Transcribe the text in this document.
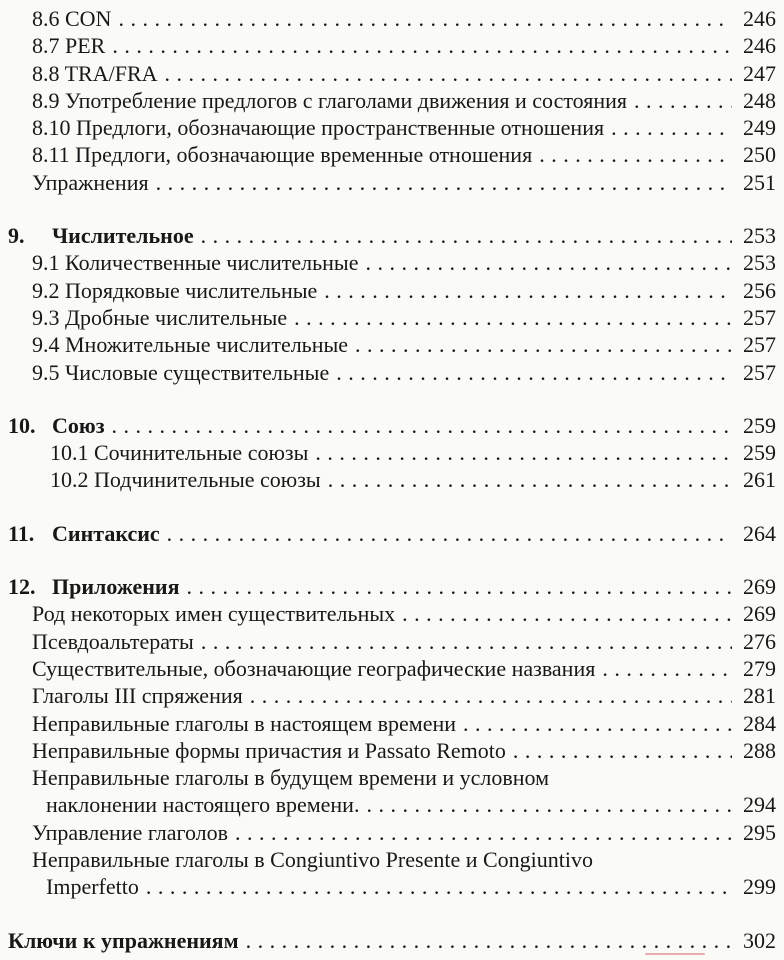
8.6 CON .....	246
8.7 PER .....	246
8.8 TRA/FRA .....	247
8.9 Употребление предлогов с глаголами движения и состояния .....	248
8.10 Предлоги, обозначающие пространственные отношения .....	249
8.11 Предлоги, обозначающие временные отношения .....	250
Упражнения .....	251
9.	Числительное .....	253
9.1 Количественные числительные .....	253
9.2 Порядковые числительные .....	256
9.3 Дробные числительные .....	257
9.4 Множительные числительные .....	257
9.5 Числовые существительные .....	257
10. Союз .....	259
10.1 Сочинительные союзы .....	259
10.2 Подчинительные союзы .....	261
11. Синтаксис .....	264
12. Приложения .....	269
Род некоторых имен существительных .....	269
Псевдоальтераты .....	276
Существительные, обозначающие географические названия .....	279
Глаголы III спряжения .....	281
Неправильные глаголы в настоящем времени .....	284
Неправильные формы причастия и Passato Remoto .....	288
Неправильные глаголы в будущем времени и условном
наклонении настоящего времени. .....	294
Управление глаголов .....	295
Неправильные глаголы в Congiuntivo Presente и Congiuntivo
Imperfetto .....	299
Ключи к упражнениям .....	302
